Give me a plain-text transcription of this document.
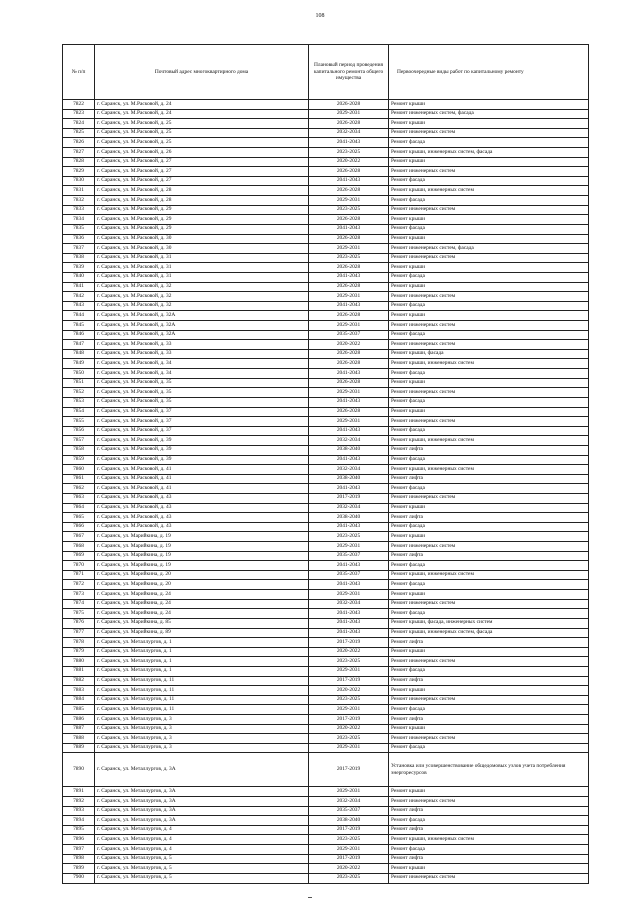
108
№ п/п	Почтовый адрес многоквартирного дома	Плановый период проведения капитального ремонта общего имущества	Первоочередные виды работ по капитальному ремонту
7822	г. Саранск, ул. М.Расковой, д. 24	2026-2028	Ремонт крыши
7823	г. Саранск, ул. М.Расковой, д. 24	2029-2031	Ремонт инженерных систем, фасада
7824	г. Саранск, ул. М.Расковой, д. 25	2026-2028	Ремонт крыши
7825	г. Саранск, ул. М.Расковой, д. 25	2032-2034	Ремонт инженерных систем
7826	г. Саранск, ул. М.Расковой, д. 25	2041-2043	Ремонт фасада
7827	г. Саранск, ул. М.Расковой, д. 26	2023-2025	Ремонт крыши, инженерных систем, фасада
7828	г. Саранск, ул. М.Расковой, д. 27	2020-2022	Ремонт крыши
7829	г. Саранск, ул. М.Расковой, д. 27	2026-2028	Ремонт инженерных систем
7830	г. Саранск, ул. М.Расковой, д. 27	2041-2043	Ремонт фасада
7831	г. Саранск, ул. М.Расковой, д. 28	2026-2028	Ремонт крыши, инженерных систем
7832	г. Саранск, ул. М.Расковой, д. 28	2029-2031	Ремонт фасада
7833	г. Саранск, ул. М.Расковой, д. 29	2023-2025	Ремонт инженерных систем
7834	г. Саранск, ул. М.Расковой, д. 29	2026-2028	Ремонт крыши
7835	г. Саранск, ул. М.Расковой, д. 29	2041-2043	Ремонт фасада
7836	г. Саранск, ул. М.Расковой, д. 30	2026-2028	Ремонт крыши
7837	г. Саранск, ул. М.Расковой, д. 30	2029-2031	Ремонт инженерных систем, фасада
7838	г. Саранск, ул. М.Расковой, д. 31	2023-2025	Ремонт инженерных систем
7839	г. Саранск, ул. М.Расковой, д. 31	2026-2028	Ремонт крыши
7840	г. Саранск, ул. М.Расковой, д. 31	2041-2043	Ремонт фасада
7841	г. Саранск, ул. М.Расковой, д. 32	2026-2028	Ремонт крыши
7842	г. Саранск, ул. М.Расковой, д. 32	2029-2031	Ремонт инженерных систем
7843	г. Саранск, ул. М.Расковой, д. 32	2041-2043	Ремонт фасада
7844	г. Саранск, ул. М.Расковой, д. 32А	2026-2028	Ремонт крыши
7845	г. Саранск, ул. М.Расковой, д. 32А	2029-2031	Ремонт инженерных систем
7846	г. Саранск, ул. М.Расковой, д. 32А	2035-2037	Ремонт фасада
7847	г. Саранск, ул. М.Расковой, д. 33	2020-2022	Ремонт инженерных систем
7848	г. Саранск, ул. М.Расковой, д. 33	2026-2028	Ремонт крыши, фасада
7849	г. Саранск, ул. М.Расковой, д. 34	2026-2028	Ремонт крыши, инженерных систем
7850	г. Саранск, ул. М.Расковой, д. 34	2041-2043	Ремонт фасада
7851	г. Саранск, ул. М.Расковой, д. 35	2026-2028	Ремонт крыши
7852	г. Саранск, ул. М.Расковой, д. 35	2029-2031	Ремонт инженерных систем
7853	г. Саранск, ул. М.Расковой, д. 35	2041-2043	Ремонт фасада
7854	г. Саранск, ул. М.Расковой, д. 37	2026-2028	Ремонт крыши
7855	г. Саранск, ул. М.Расковой, д. 37	2029-2031	Ремонт инженерных систем
7856	г. Саранск, ул. М.Расковой, д. 37	2041-2043	Ремонт фасада
7857	г. Саранск, ул. М.Расковой, д. 39	2032-2034	Ремонт крыши, инженерных систем
7858	г. Саранск, ул. М.Расковой, д. 39	2038-2040	Ремонт лифта
7859	г. Саранск, ул. М.Расковой, д. 39	2041-2043	Ремонт фасада
7860	г. Саранск, ул. М.Расковой, д. 41	2032-2034	Ремонт крыши, инженерных систем
7861	г. Саранск, ул. М.Расковой, д. 41	2038-2040	Ремонт лифта
7862	г. Саранск, ул. М.Расковой, д. 41	2041-2043	Ремонт фасада
7863	г. Саранск, ул. М.Расковой, д. 43	2017-2019	Ремонт инженерных систем
7864	г. Саранск, ул. М.Расковой, д. 43	2032-2034	Ремонт крыши
7865	г. Саранск, ул. М.Расковой, д. 43	2038-2040	Ремонт лифта
7866	г. Саранск, ул. М.Расковой, д. 43	2041-2043	Ремонт фасада
7867	г. Саранск, ул. Марийкина, д. 19	2023-2025	Ремонт крыши
7868	г. Саранск, ул. Марийкина, д. 19	2029-2031	Ремонт инженерных систем
7869	г. Саранск, ул. Марийкина, д. 19	2035-2037	Ремонт лифта
7870	г. Саранск, ул. Марийкина, д. 19	2041-2043	Ремонт фасада
7871	г. Саранск, ул. Марийкина, д. 20	2035-2037	Ремонт крыши, инженерных систем
7872	г. Саранск, ул. Марийкина, д. 20	2041-2043	Ремонт фасада
7873	г. Саранск, ул. Марийкина, д. 24	2029-2031	Ремонт крыши
7874	г. Саранск, ул. Марийкина, д. 24	2032-2034	Ремонт инженерных систем
7875	г. Саранск, ул. Марийкина, д. 24	2041-2043	Ремонт фасада
7876	г. Саранск, ул. Марийкина, д. 85	2041-2043	Ремонт крыши, фасада, инженерных систем
7877	г. Саранск, ул. Марийкина, д. 89	2041-2043	Ремонт крыши, инженерных систем, фасада
7878	г. Саранск, ул. Металлургов, д. 1	2017-2019	Ремонт лифта
7879	г. Саранск, ул. Металлургов, д. 1	2020-2022	Ремонт крыши
7880	г. Саранск, ул. Металлургов, д. 1	2023-2025	Ремонт инженерных систем
7881	г. Саранск, ул. Металлургов, д. 1	2029-2031	Ремонт фасада
7882	г. Саранск, ул. Металлургов, д. 11	2017-2019	Ремонт лифта
7883	г. Саранск, ул. Металлургов, д. 11	2020-2022	Ремонт крыши
7884	г. Саранск, ул. Металлургов, д. 11	2023-2025	Ремонт инженерных систем
7885	г. Саранск, ул. Металлургов, д. 11	2029-2031	Ремонт фасада
7886	г. Саранск, ул. Металлургов, д. 3	2017-2019	Ремонт лифта
7887	г. Саранск, ул. Металлургов, д. 3	2020-2022	Ремонт крыши
7888	г. Саранск, ул. Металлургов, д. 3	2023-2025	Ремонт инженерных систем
7889	г. Саранск, ул. Металлургов, д. 3	2029-2031	Ремонт фасада
7890	г. Саранск, ул. Металлургов, д. 3А	2017-2019	Установка или усовершенствование общедомовых узлов учета потребления энергоресурсов
7891	г. Саранск, ул. Металлургов, д. 3А	2029-2031	Ремонт крыши
7892	г. Саранск, ул. Металлургов, д. 3А	2032-2034	Ремонт инженерных систем
7893	г. Саранск, ул. Металлургов, д. 3А	2035-2037	Ремонт лифта
7894	г. Саранск, ул. Металлургов, д. 3А	2038-2040	Ремонт фасада
7895	г. Саранск, ул. Металлургов, д. 4	2017-2019	Ремонт лифта
7896	г. Саранск, ул. Металлургов, д. 4	2023-2025	Ремонт крыши, инженерных систем
7897	г. Саранск, ул. Металлургов, д. 4	2029-2031	Ремонт фасада
7898	г. Саранск, ул. Металлургов, д. 5	2017-2019	Ремонт лифта
7899	г. Саранск, ул. Металлургов, д. 5	2020-2022	Ремонт крыши
7900	г. Саранск, ул. Металлургов, д. 5	2023-2025	Ремонт инженерных систем
